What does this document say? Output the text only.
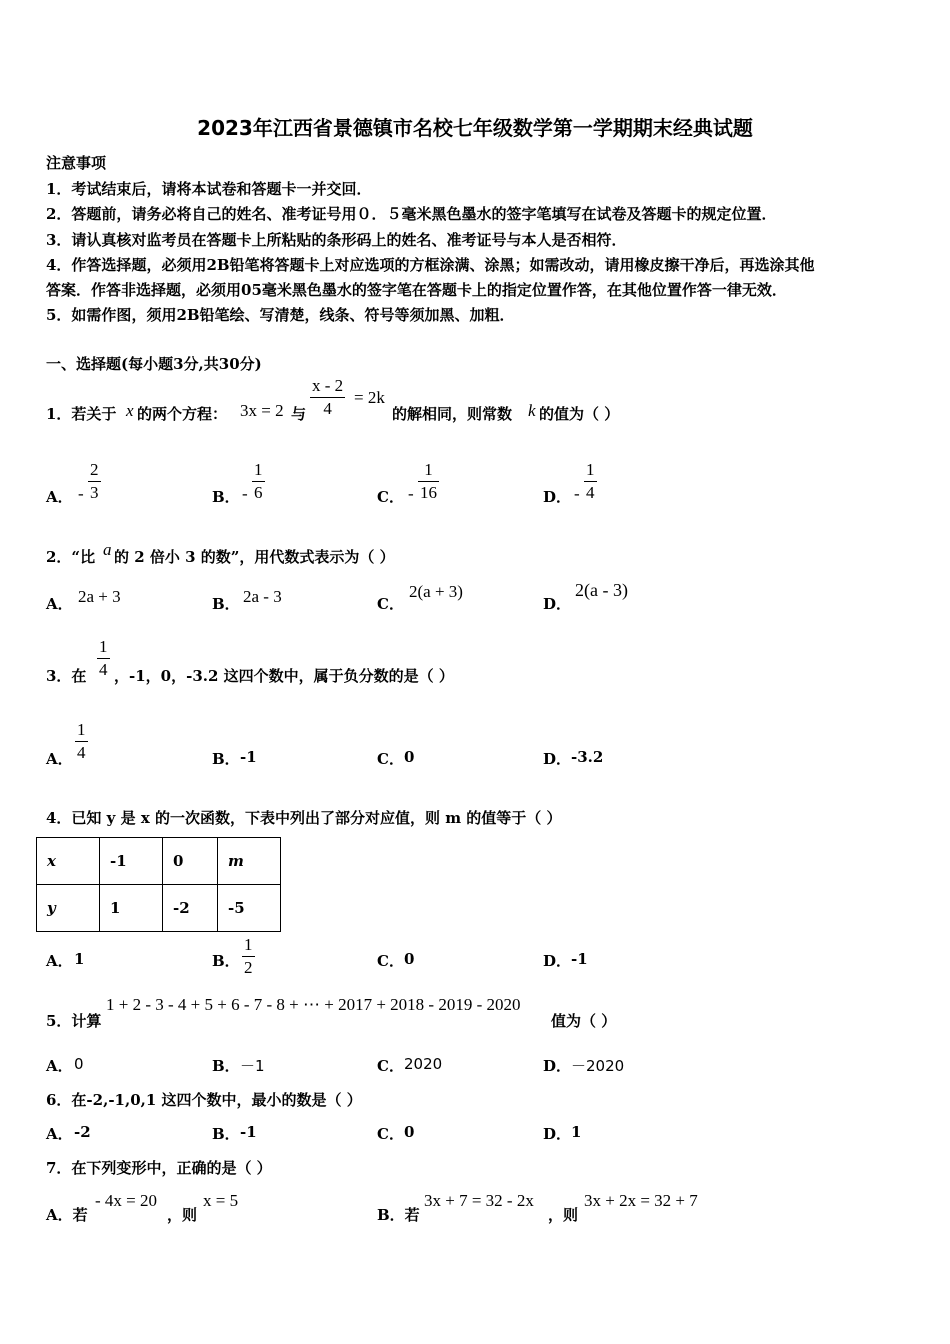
2023年江西省景德镇市名校七年级数学第一学期期末经典试题
注意事项
1．考试结束后，请将本试卷和答题卡一并交回．
2．答题前，请务必将自己的姓名、准考证号用０．５毫米黑色墨水的签字笔填写在试卷及答题卡的规定位置．
3．请认真核对监考员在答题卡上所粘贴的条形码上的姓名、准考证号与本人是否相符．
4．作答选择题，必须用2B铅笔将答题卡上对应选项的方框涂满、涂黑；如需改动，请用橡皮擦干净后，再选涂其他
答案．作答非选择题，必须用05毫米黑色墨水的签字笔在答题卡上的指定位置作答，在其他位置作答一律无效．
5．如需作图，须用2B铅笔绘、写清楚，线条、符号等须加黑、加粗．
一、选择题(每小题3分,共30分)
1．若关于 x 的两个方程： 3x = 2 与
x - 2
4
= 2k
的解相同，则常数 k 的值为（ ）
A． -
2
3	B． -
1
6	C． -
1
16	D． -
1
4
2．“比 a 的 2 倍小 3 的数”，用代数式表示为（ ）
A． 2a + 3	B． 2a - 3	C．
2(a + 3)
D．
2(a - 3)
3．在
1
4 ，-1，0，-3.2 这四个数中，属于负分数的是（ ）
A．
1
4	B． -1	C． 0	D． -3.2
4．已知 y 是 x 的一次函数，下表中列出了部分对应值，则 m 的值等于（ ）
x	-1	0	m
y	1	-2	-5
A． 1	B．
1
2	C． 0	D． -1
5．计算
1 + 2 - 3 - 4 + 5 + 6 - 7 - 8 + ⋯ + 2017 + 2018 - 2019 - 2020
值为（ ）
A． 0	B． －1	C． 2020	D． －2020
6．在-2,-1,0,1 这四个数中，最小的数是（ ）
A． -2	B． -1	C． 0	D． 1
7．在下列变形中，正确的是（ ）
A．若
- 4x = 20
，则
x = 5
B．若
3x + 7 = 32 - 2x
，则
3x + 2x = 32 + 7
